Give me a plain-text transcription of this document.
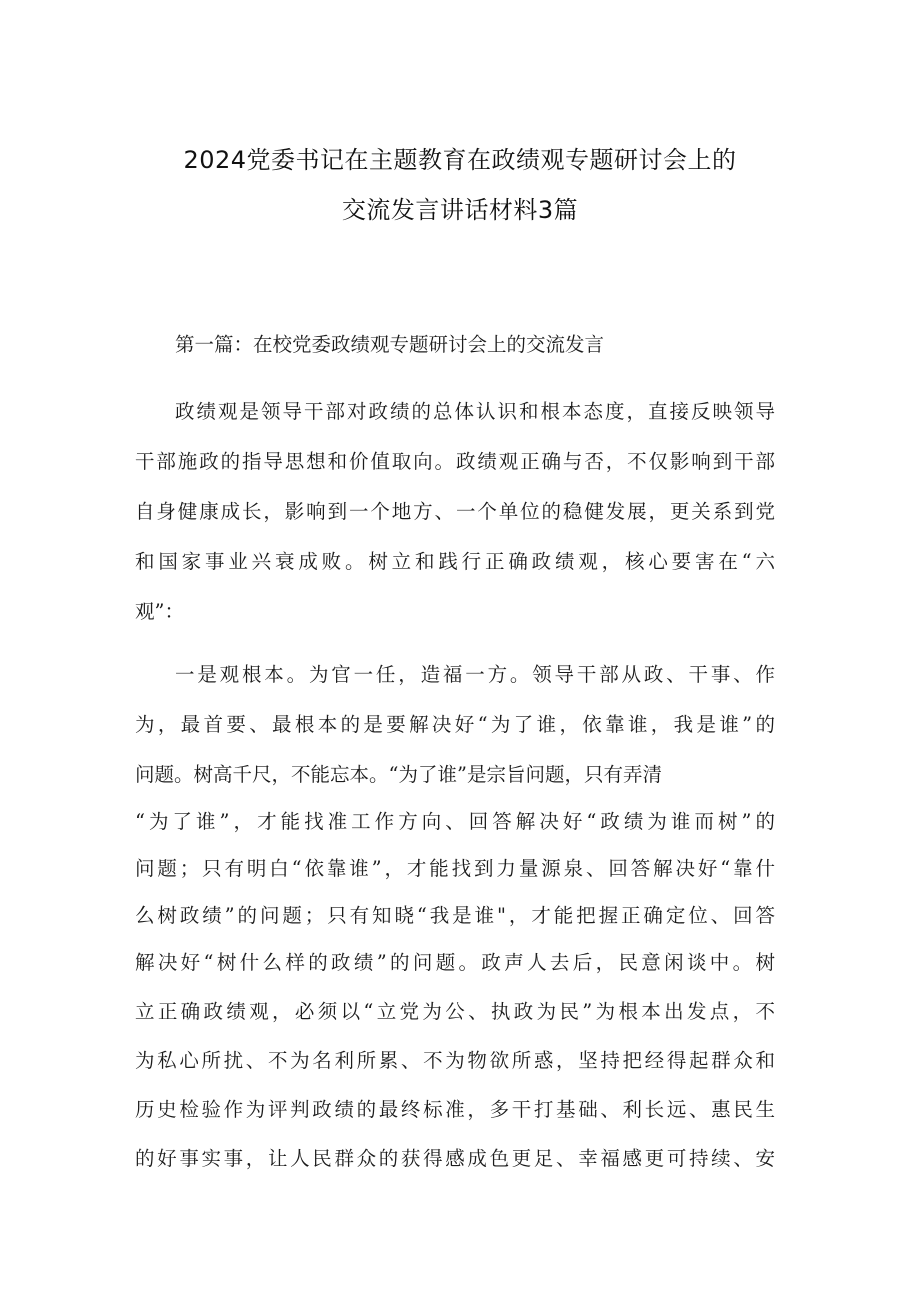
2024党委书记在主题教育在政绩观专题研讨会上的
交流发言讲话材料3篇
第一篇：在校党委政绩观专题研讨会上的交流发言
政绩观是领导干部对政绩的总体认识和根本态度，直接反映领导
干部施政的指导思想和价值取向。政绩观正确与否，不仅影响到干部
自身健康成长，影响到一个地方、一个单位的稳健发展，更关系到党
和国家事业兴衰成败。树立和践行正确政绩观，核心要害在“六
观”：
一是观根本。为官一任，造福一方。领导干部从政、干事、作
为，最首要、最根本的是要解决好“为了谁，依靠谁，我是谁”的
问题。树高千尺，不能忘本。“为了谁”是宗旨问题，只有弄清
“为了谁”，才能找准工作方向、回答解决好“政绩为谁而树”的
问题；只有明白“依靠谁”，才能找到力量源泉、回答解决好“靠什
么树政绩”的问题；只有知晓“我是谁"，才能把握正确定位、回答
解决好“树什么样的政绩”的问题。政声人去后，民意闲谈中。树
立正确政绩观，必须以“立党为公、执政为民”为根本出发点，不
为私心所扰、不为名利所累、不为物欲所惑，坚持把经得起群众和
历史检验作为评判政绩的最终标准，多干打基础、利长远、惠民生
的好事实事，让人民群众的获得感成色更足、幸福感更可持续、安
